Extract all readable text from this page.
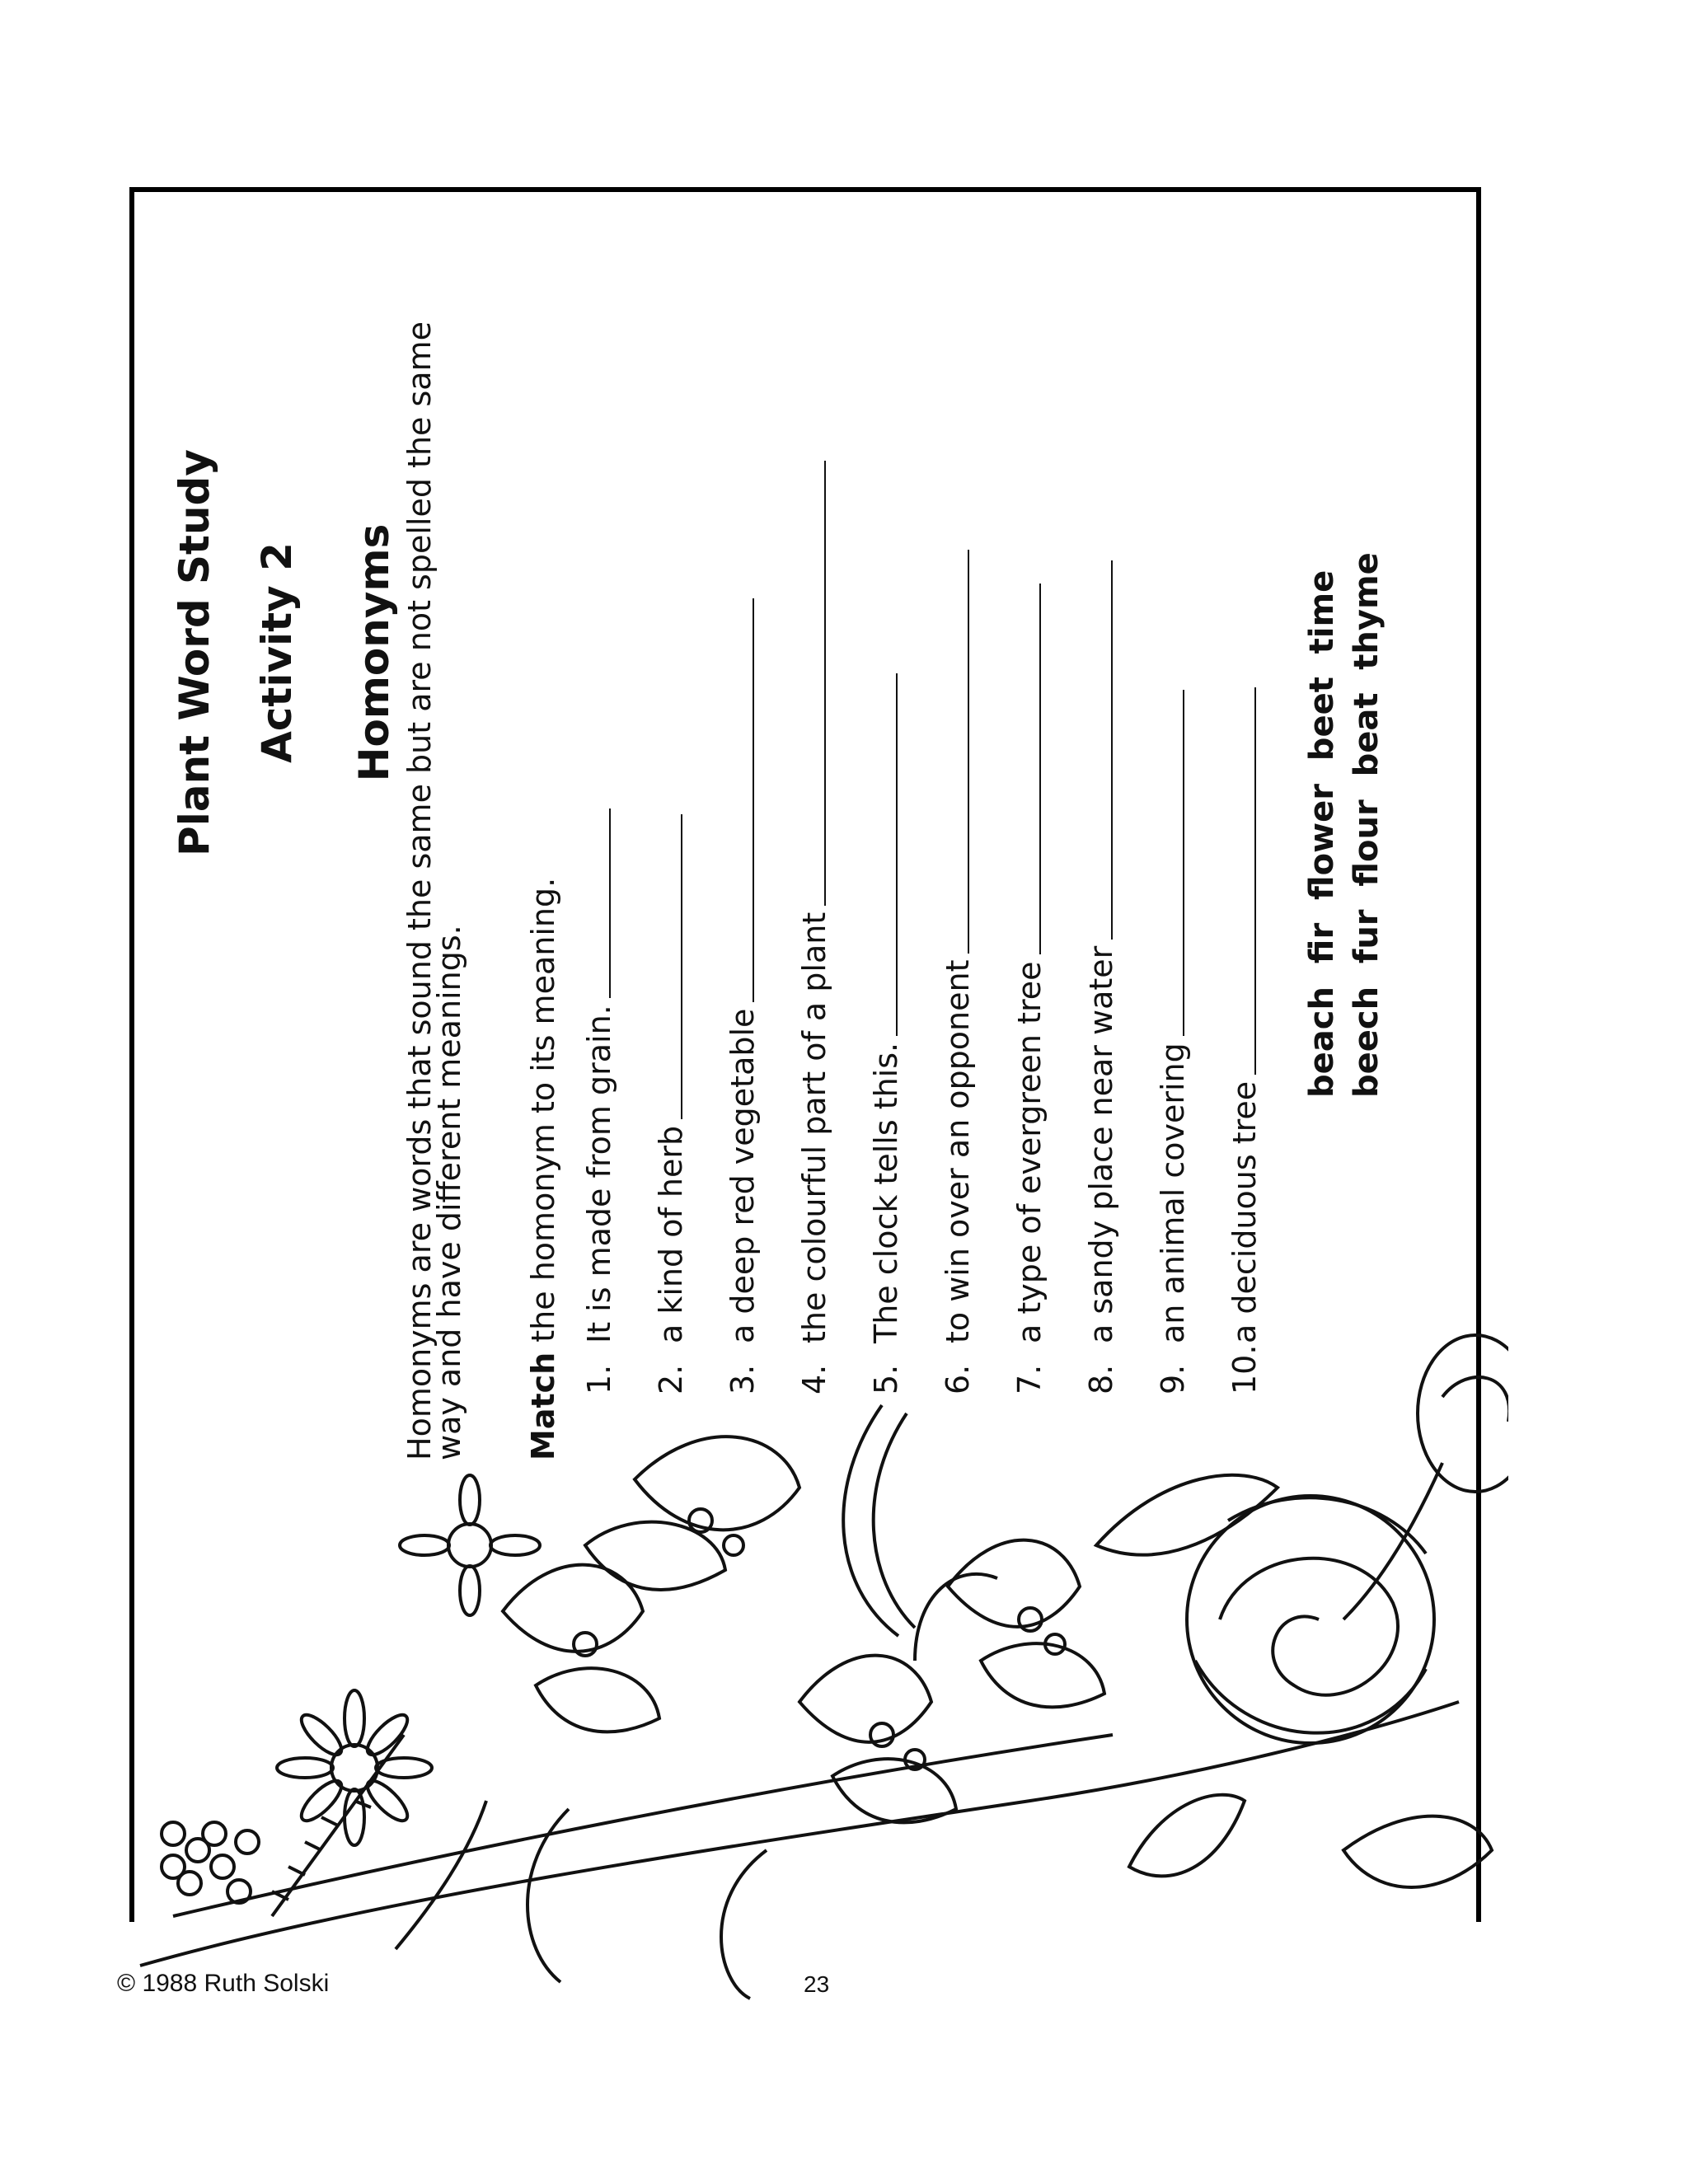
Plant Word Study Activity 2 Homonyms Homonyms are words that sound the same but are not spelled the same
way and have different meanings. Match the homonym to its meaning.
1.
It is made from grain.
2.
a kind of herb
3.
a deep red vegetable
4.
the colourful part of a plant
5.
The clock tells this.
6.
to win over an opponent
7.
a type of evergreen tree
8.
a sandy place near water
9.
an animal covering
10.
a deciduous tree
beach  fir  flower  beet  time beech  fur  flour  beat  thyme
© 1988 Ruth Solski	23
